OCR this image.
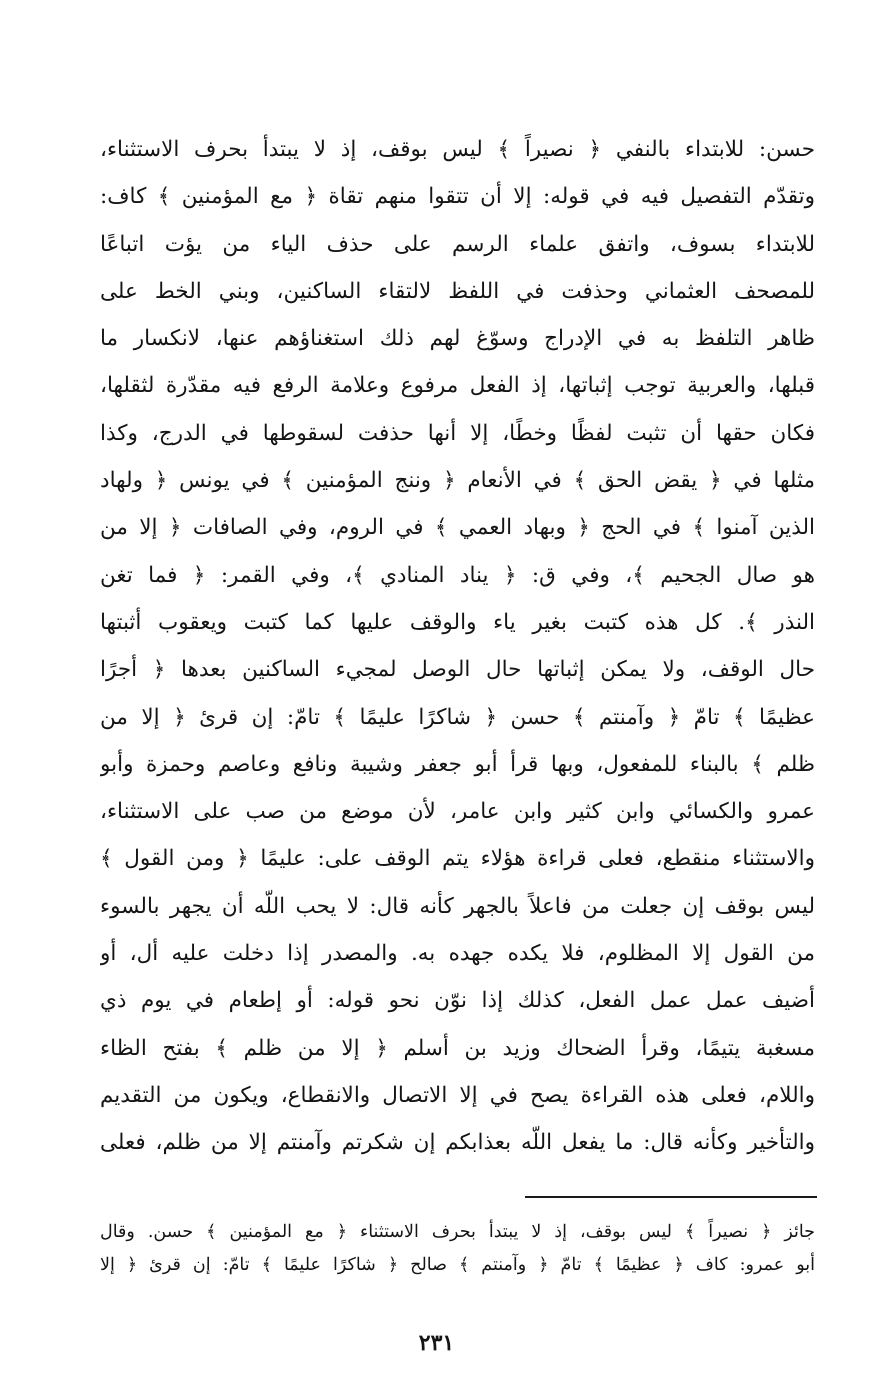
حسن: للابتداء بالنفي ﴿ نصيراً ﴾ ليس بوقف، إذ لا يبتدأ بحرف الاستثناء،
وتقدّم التفصيل فيه في قوله: إلا أن تتقوا منهم تقاة ﴿ مع المؤمنين ﴾ كاف:
للابتداء بسوف، واتفق علماء الرسم على حذف الياء من يؤت اتباعًا
للمصحف العثماني وحذفت في اللفظ لالتقاء الساكنين، وبني الخط على
ظاهر التلفظ به في الإدراج وسوّغ لهم ذلك استغناؤهم عنها، لانكسار ما
قبلها، والعربية توجب إثباتها، إذ الفعل مرفوع وعلامة الرفع فيه مقدّرة لثقلها،
فكان حقها أن تثبت لفظًا وخطًا، إلا أنها حذفت لسقوطها في الدرج، وكذا
مثلها في ﴿ يقض الحق ﴾ في الأنعام ﴿ وننج المؤمنين ﴾ في يونس ﴿ ولهاد
الذين آمنوا ﴾ في الحج ﴿ وبهاد العمي ﴾ في الروم، وفي الصافات ﴿ إلا من
هو صال الجحيم ﴾، وفي ق: ﴿ يناد المنادي ﴾، وفي القمر: ﴿ فما تغن
النذر ﴾. كل هذه كتبت بغير ياء والوقف عليها كما كتبت ويعقوب أثبتها
حال الوقف، ولا يمكن إثباتها حال الوصل لمجيء الساكنين بعدها ﴿ أجرًا
عظيمًا ﴾ تامّ ﴿ وآمنتم ﴾ حسن ﴿ شاكرًا عليمًا ﴾ تامّ: إن قرئ ﴿ إلا من
ظلم ﴾ بالبناء للمفعول، وبها قرأ أبو جعفر وشيبة ونافع وعاصم وحمزة وأبو
عمرو والكسائي وابن كثير وابن عامر، لأن موضع من صب على الاستثناء،
والاستثناء منقطع، فعلى قراءة هؤلاء يتم الوقف على: عليمًا ﴿ ومن القول ﴾
ليس بوقف إن جعلت من فاعلاً بالجهر كأنه قال: لا يحب اللّه أن يجهر بالسوء
من القول إلا المظلوم، فلا يكده جهده به. والمصدر إذا دخلت عليه أل، أو
أضيف عمل عمل الفعل، كذلك إذا نوّن نحو قوله: أو إطعام في يوم ذي
مسغبة يتيمًا، وقرأ الضحاك وزيد بن أسلم ﴿ إلا من ظلم ﴾ بفتح الظاء
واللام، فعلى هذه القراءة يصح في إلا الاتصال والانقطاع، ويكون من التقديم
والتأخير وكأنه قال: ما يفعل اللّه بعذابكم إن شكرتم وآمنتم إلا من ظلم، فعلى
جائز ﴿ نصيراً ﴾ ليس بوقف، إذ لا يبتدأ بحرف الاستثناء ﴿ مع المؤمنين ﴾ حسن. وقال
أبو عمرو: كاف ﴿ عظيمًا ﴾ تامّ ﴿ وآمنتم ﴾ صالح ﴿ شاكرًا عليمًا ﴾ تامّ: إن قرئ ﴿ إلا
٢٣١
